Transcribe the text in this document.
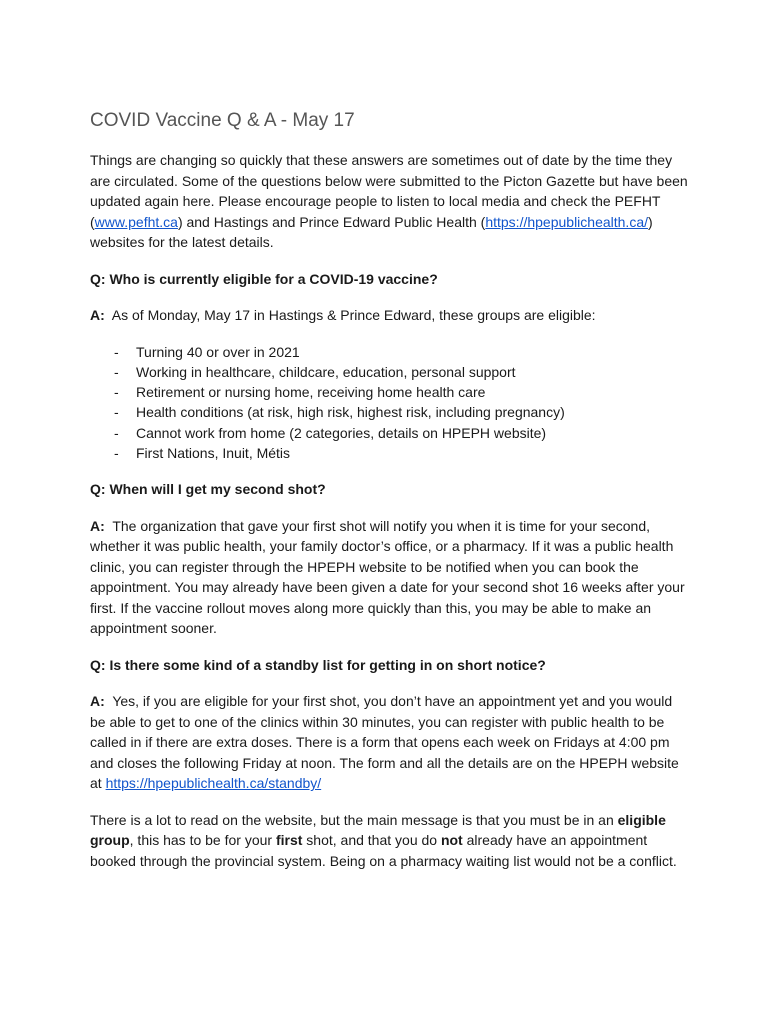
COVID Vaccine Q & A - May 17

Things are changing so quickly that these answers are sometimes out of date by the time they are circulated. Some of the questions below were submitted to the Picton Gazette but have been updated again here. Please encourage people to listen to local media and check the PEFHT (www.pefht.ca) and Hastings and Prince Edward Public Health (https://hpepublichealth.ca/) websites for the latest details.

Q: Who is currently eligible for a COVID-19 vaccine?

A: As of Monday, May 17 in Hastings & Prince Edward, these groups are eligible:

- Turning 40 or over in 2021
- Working in healthcare, childcare, education, personal support
- Retirement or nursing home, receiving home health care
- Health conditions (at risk, high risk, highest risk, including pregnancy)
- Cannot work from home (2 categories, details on HPEPH website)
- First Nations, Inuit, Métis

Q: When will I get my second shot?

A: The organization that gave your first shot will notify you when it is time for your second, whether it was public health, your family doctor’s office, or a pharmacy. If it was a public health clinic, you can register through the HPEPH website to be notified when you can book the appointment. You may already have been given a date for your second shot 16 weeks after your first. If the vaccine rollout moves along more quickly than this, you may be able to make an appointment sooner.

Q: Is there some kind of a standby list for getting in on short notice?

A: Yes, if you are eligible for your first shot, you don’t have an appointment yet and you would be able to get to one of the clinics within 30 minutes, you can register with public health to be called in if there are extra doses. There is a form that opens each week on Fridays at 4:00 pm and closes the following Friday at noon. The form and all the details are on the HPEPH website at https://hpepublichealth.ca/standby/

There is a lot to read on the website, but the main message is that you must be in an eligible group, this has to be for your first shot, and that you do not already have an appointment booked through the provincial system. Being on a pharmacy waiting list would not be a conflict.
